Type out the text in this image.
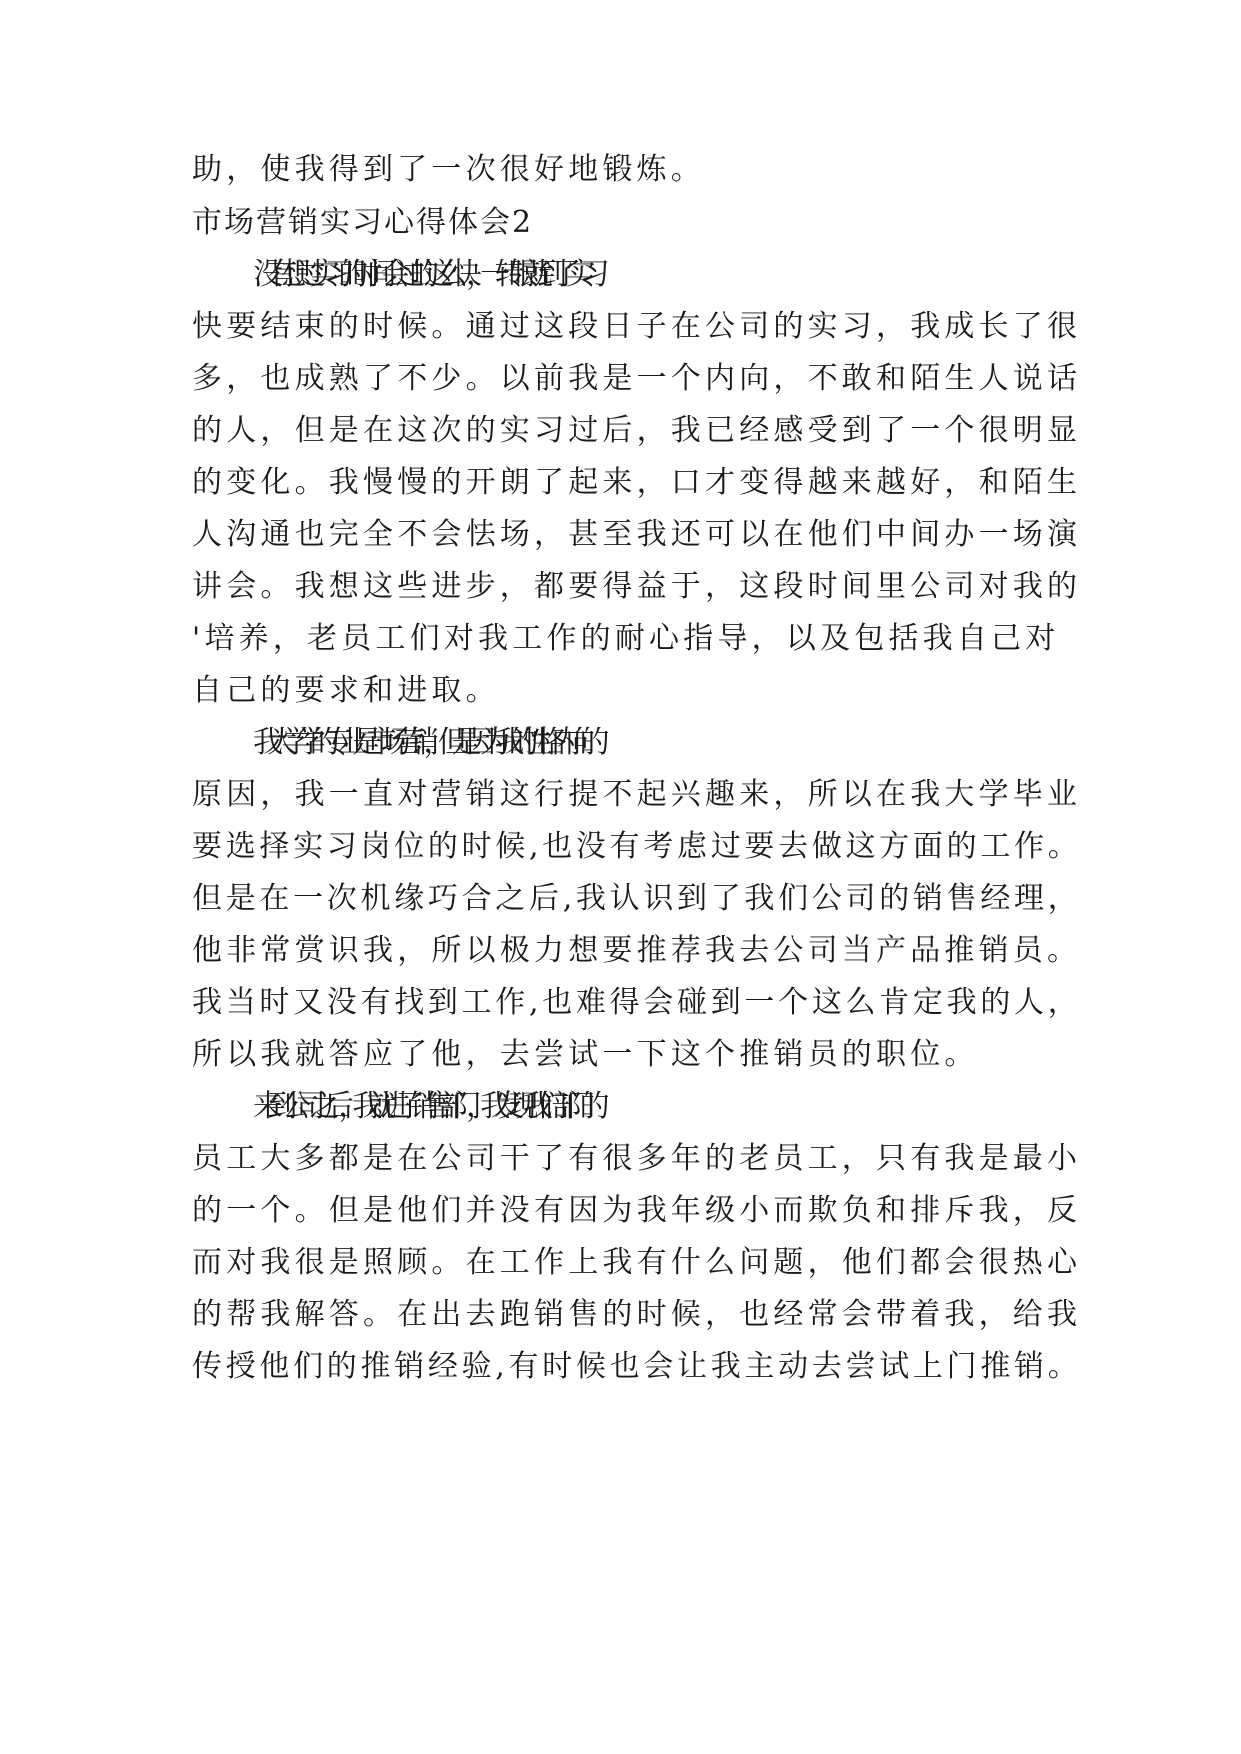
助，使我得到了一次很好地锻炼。
市场营销实习心得体会2
没有想过实习的时间会过的这么快，一转眼就到了实习
快要结束的时候。通过这段日子在公司的实习，我成长了很
多，也成熟了不少。以前我是一个内向，不敢和陌生人说话
的人，但是在这次的实习过后，我已经感受到了一个很明显
的变化。我慢慢的开朗了起来，口才变得越来越好，和陌生
人沟通也完全不会怯场，甚至我还可以在他们中间办一场演
讲会。我想这些进步，都要得益于，这段时间里公司对我的
'培养，老员工们对我工作的耐心指导，以及包括我自己对
自己的要求和进取。
我大学学的专业是市场营销，但是因为我的性格内向的
原因，我一直对营销这行提不起兴趣来，所以在我大学毕业
要选择实习岗位的时候,也没有考虑过要去做这方面的工作。
但是在一次机缘巧合之后,我认识到了我们公司的销售经理，
他非常赏识我，所以极力想要推荐我去公司当产品推销员。
我当时又没有找到工作,也难得会碰到一个这么肯定我的人，
所以我就答应了他，去尝试一下这个推销员的职位。
来到公司之后，我就进了销售部门，我发现我们部门的
员工大多都是在公司干了有很多年的老员工，只有我是最小
的一个。但是他们并没有因为我年级小而欺负和排斥我，反
而对我很是照顾。在工作上我有什么问题，他们都会很热心
的帮我解答。在出去跑销售的时候，也经常会带着我，给我
传授他们的推销经验,有时候也会让我主动去尝试上门推销。
